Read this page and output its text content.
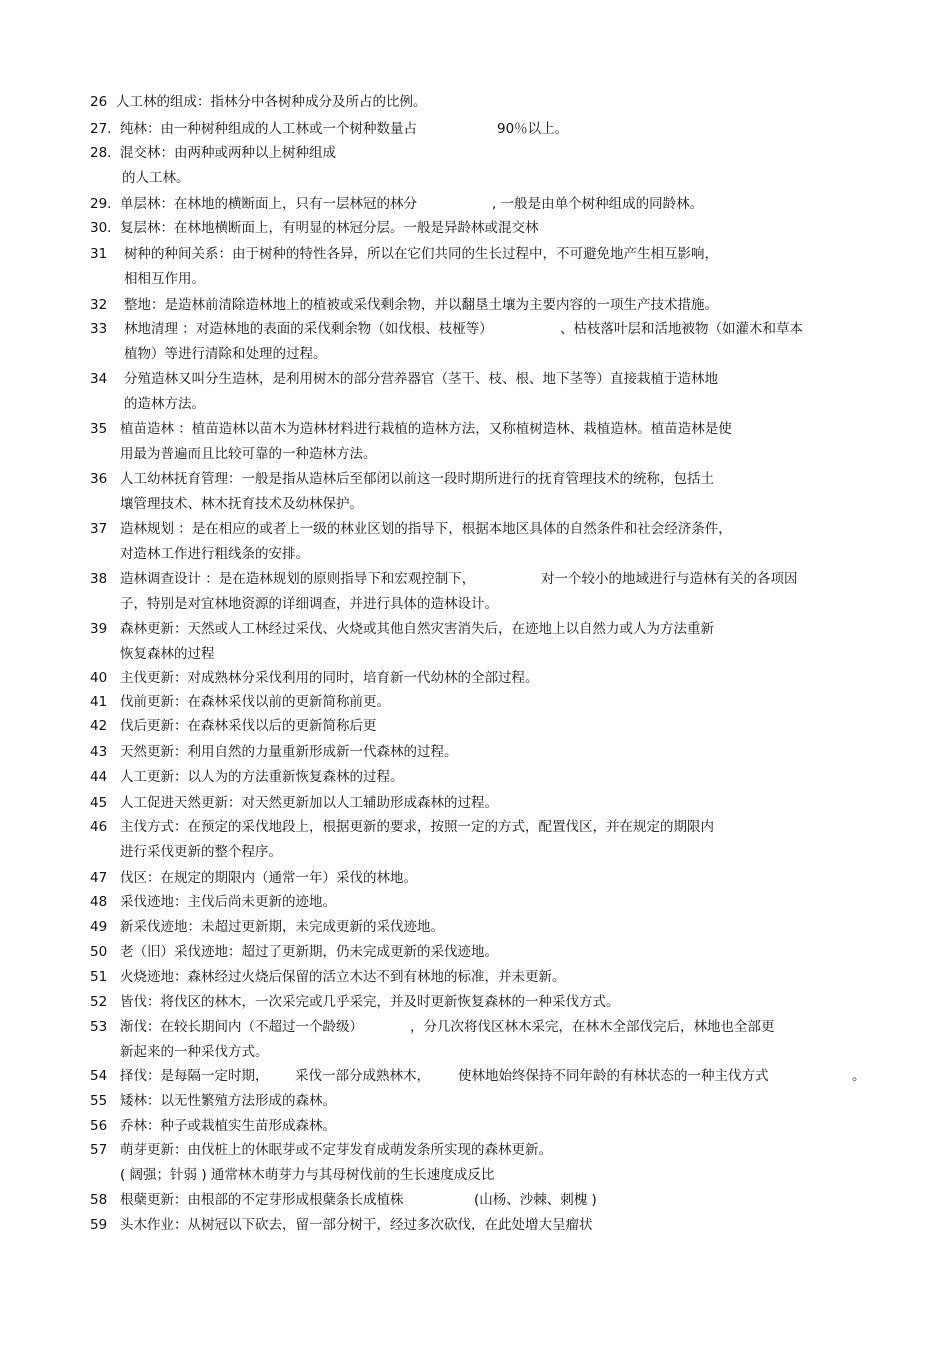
26 人工林的组成：指林分中各树种成分及所占的比例。
27. 纯林：由一种树种组成的人工林或一个树种数量占	90％以上。
28. 混交林：由两种或两种以上树种组成
的人工林。
29. 单层林：在林地的横断面上，只有一层林冠的林分	, 一般是由单个树种组成的同龄林。
30. 复层林：在林地横断面上，有明显的林冠分层。一般是异龄林或混交林
31	树种的种间关系：由于树种的特性各异，所以在它们共同的生长过程中，不可避免地产生相互影响，
相相互作用。
32	整地：是造林前清除造林地上的植被或采伐剩余物，并以翻垦土壤为主要内容的一项生产技术措施。
33	林地清理 ：对造林地的表面的采伐剩余物（如伐根、枝桠等）	、枯枝落叶层和活地被物（如灌木和草本
植物）等进行清除和处理的过程。
34	分殖造林又叫分生造林，是利用树木的部分营养器官（茎干、枝、根、地下茎等）直接栽植于造林地
的造林方法。
35 植苗造林 ：植苗造林以苗木为造林材料进行栽植的造林方法，又称植树造林、栽植造林。植苗造林是使
用最为普遍而且比较可靠的一种造林方法。
36 人工幼林抚育管理：一般是指从造林后至郁闭以前这一段时期所进行的抚育管理技术的统称，包括土
壤管理技术、林木抚育技术及幼林保护。
37 造林规划 ：是在相应的或者上一级的林业区划的指导下，根据本地区具体的自然条件和社会经济条件，
对造林工作进行粗线条的安排。
38 造林调查设计 ：是在造林规划的原则指导下和宏观控制下，	对一个较小的地域进行与造林有关的各项因
子，特别是对宜林地资源的详细调查，并进行具体的造林设计。
39 森林更新：天然或人工林经过采伐、火烧或其他自然灾害消失后，在迹地上以自然力或人为方法重新
恢复森林的过程
40 主伐更新：对成熟林分采伐利用的同时，培育新一代幼林的全部过程。
41 伐前更新：在森林采伐以前的更新简称前更。
42 伐后更新：在森林采伐以后的更新简称后更
43 天然更新：利用自然的力量重新形成新一代森林的过程。
44 人工更新：以人为的方法重新恢复森林的过程。
45 人工促进天然更新：对天然更新加以人工辅助形成森林的过程。
46 主伐方式：在预定的采伐地段上，根据更新的要求，按照一定的方式，配置伐区，并在规定的期限内
进行采伐更新的整个程序。
47 伐区：在规定的期限内（通常一年）采伐的林地。
48 采伐迹地：主伐后尚未更新的迹地。
49 新采伐迹地：未超过更新期，未完成更新的采伐迹地。
50 老（旧）采伐迹地：超过了更新期，仍未完成更新的采伐迹地。
51 火烧迹地：森林经过火烧后保留的活立木达不到有林地的标准，并未更新。
52 皆伐：将伐区的林木，一次采完或几乎采完，并及时更新恢复森林的一种采伐方式。
53 渐伐：在较长期间内（不超过一个龄级）	，分几次将伐区林木采完，在林木全部伐完后，林地也全部更
新起来的一种采伐方式。
54 择伐：是每隔一定时期， 采伐一部分成熟林木， 使林地始终保持不同年龄的有林状态的一种主伐方式	。
55 矮林：以无性繁殖方法形成的森林。
56 乔林：种子或栽植实生苗形成森林。
57 萌芽更新：由伐桩上的休眠芽或不定芽发育成萌发条所实现的森林更新。
( 阔强；针弱 ) 通常林木萌芽力与其母树伐前的生长速度成反比
58 根蘖更新：由根部的不定芽形成根蘖条长成植株	(山杨、沙棘、刺槐 )
59 头木作业：从树冠以下砍去，留一部分树干，经过多次砍伐，在此处增大呈瘤状
